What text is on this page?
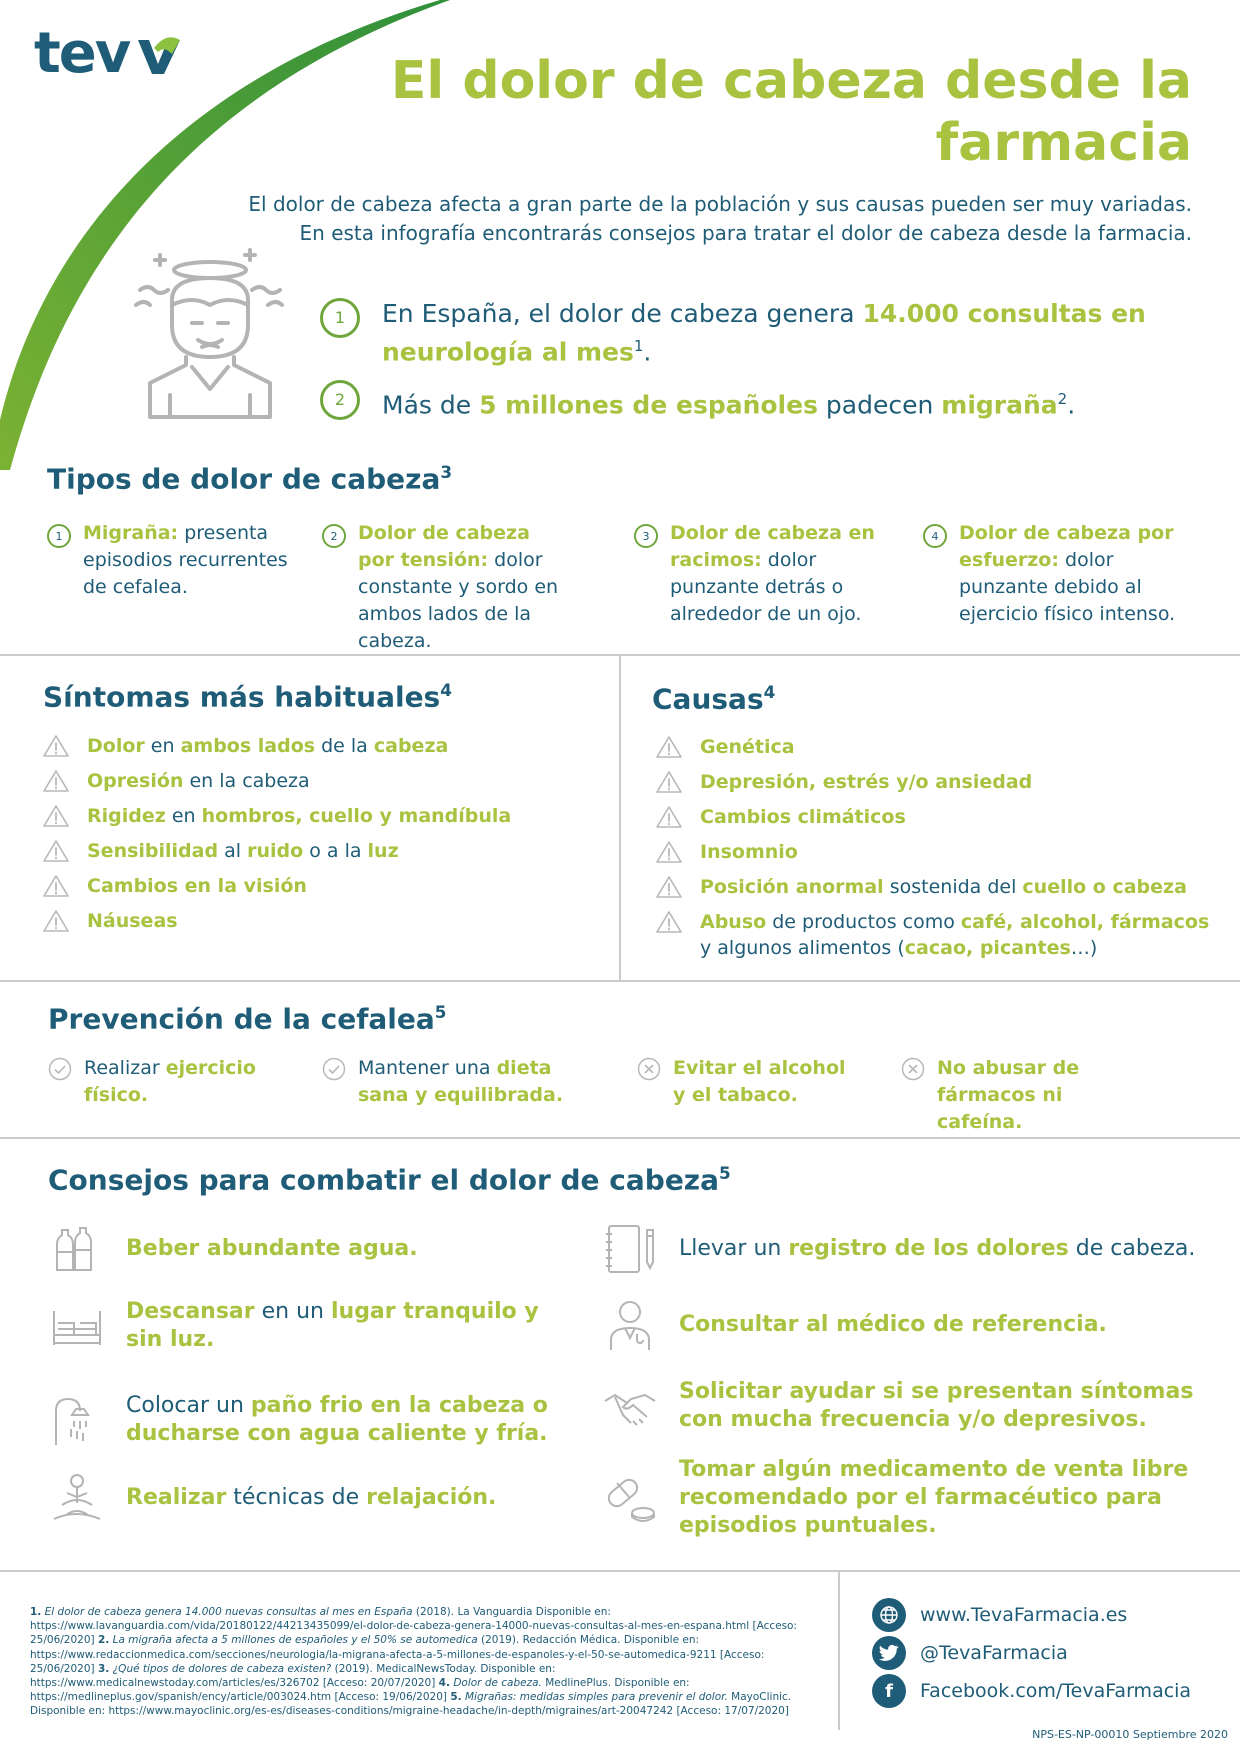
tev	El dolor de cabeza desde la farmacia
El dolor de cabeza afecta a gran parte de la población y sus causas pueden ser muy variadas.
En esta infografía encontrarás consejos para tratar el dolor de cabeza desde la farmacia.
1	En España, el dolor de cabeza genera 14.000 consultas en neurología al mes$^1$.
2	Más de 5 millones de españoles padecen migraña$^2$.
Tipos de dolor de cabeza$^3$
1	Migraña: presenta episodios recurrentes de cefalea.
2	Dolor de cabeza por tensión: dolor constante y sordo en ambos lados de la cabeza.
3	Dolor de cabeza en racimos: dolor punzante detrás o alrededor de un ojo.
4	Dolor de cabeza por esfuerzo: dolor punzante debido al ejercicio físico intenso.
Síntomas más habituales$^4$
Dolor en ambos lados de la cabeza
Opresión en la cabeza
Rigidez en hombros, cuello y mandíbula
Sensibilidad al ruido o a la luz
Cambios en la visión
Náuseas
Causas$^4$
Genética
Depresión, estrés y/o ansiedad
Cambios climáticos
Insomnio
Posición anormal sostenida del cuello o cabeza
Abuso de productos como café, alcohol, fármacos y algunos alimentos (cacao, picantes…)
Prevención de la cefalea$^5$
Realizar ejercicio físico.
Mantener una dieta sana y equilibrada.
Evitar el alcohol y el tabaco.
No abusar de fármacos ni cafeína.
Consejos para combatir el dolor de cabeza$^5$
Beber abundante agua.
Descansar en un lugar tranquilo y sin luz.
Colocar un paño frio en la cabeza o ducharse con agua caliente y fría.
Realizar técnicas de relajación.
Llevar un registro de los dolores de cabeza.
Consultar al médico de referencia.
Solicitar ayudar si se presentan síntomas con mucha frecuencia y/o depresivos.
Tomar algún medicamento de venta libre recomendado por el farmacéutico para episodios puntuales.
1. El dolor de cabeza genera 14.000 nuevas consultas al mes en España (2018). La Vanguardia Disponible en: https://www.lavanguardia.com/vida/20180122/44213435099/el-dolor-de-cabeza-genera-14000-nuevas-consultas-al-mes-en-espana.html [Acceso: 25/06/2020] 2. La migraña afecta a 5 millones de españoles y el 50% se automedica (2019). Redacción Médica. Disponible en: https://www.redaccionmedica.com/secciones/neurologia/la-migrana-afecta-a-5-millones-de-espanoles-y-el-50-se-automedica-9211 [Acceso: 25/06/2020] 3. ¿Qué tipos de dolores de cabeza existen? (2019). MedicalNewsToday. Disponible en: https://www.medicalnewstoday.com/articles/es/326702 [Acceso: 20/07/2020] 4. Dolor de cabeza. MedlinePlus. Disponible en: https://medlineplus.gov/spanish/ency/article/003024.htm [Acceso: 19/06/2020] 5. Migrañas: medidas simples para prevenir el dolor. MayoClinic. Disponible en: https://www.mayoclinic.org/es-es/diseases-conditions/migraine-headache/in-depth/migraines/art-20047242 [Acceso: 17/07/2020]
www.TevaFarmacia.es
@TevaFarmacia
f	Facebook.com/TevaFarmacia
NPS-ES-NP-00010 Septiembre 2020
